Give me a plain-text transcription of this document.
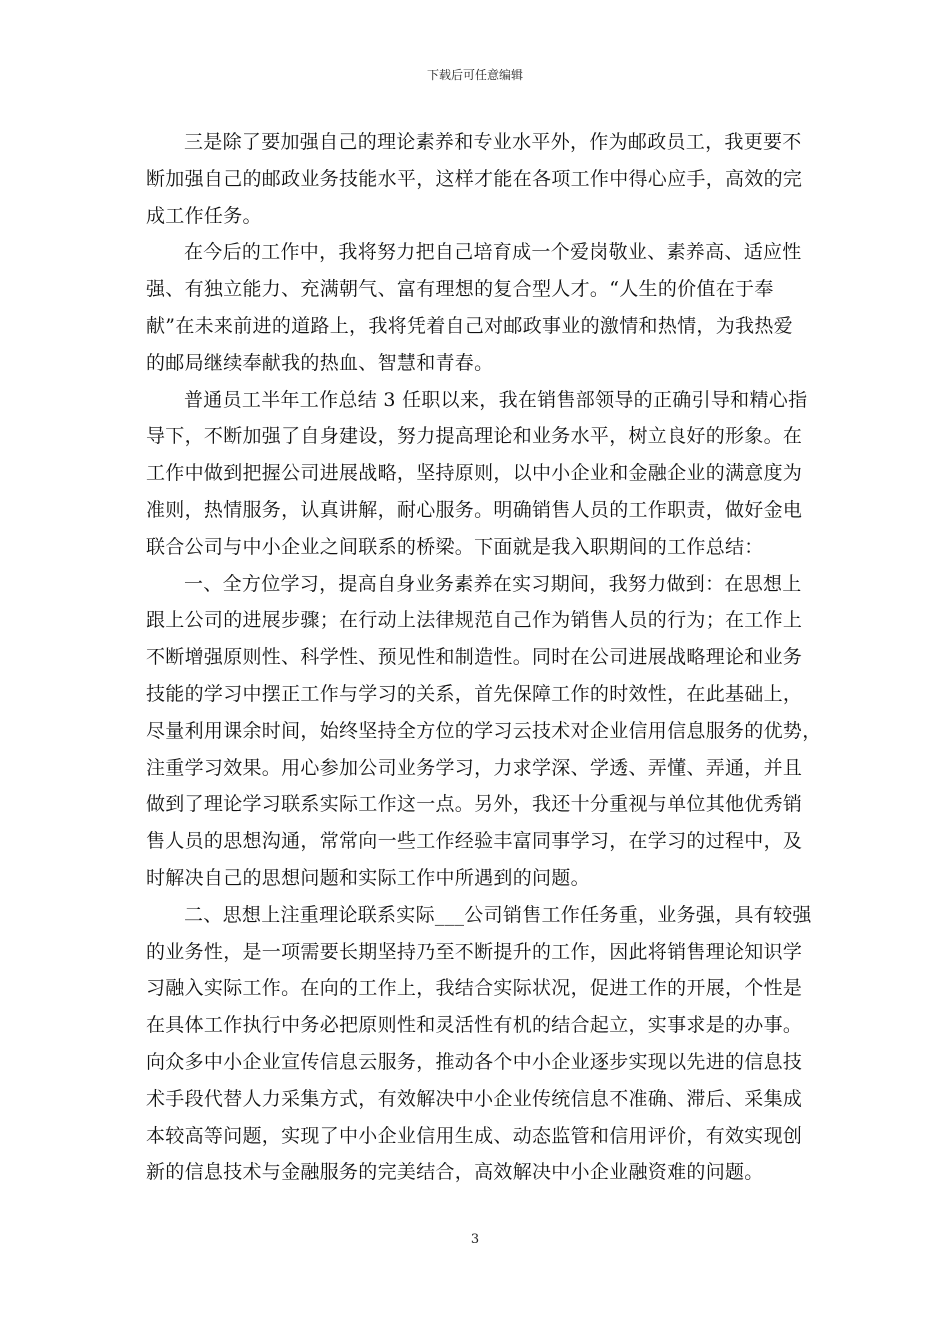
下载后可任意编辑
三是除了要加强自己的理论素养和专业水平外，作为邮政员工，我更要不
断加强自己的邮政业务技能水平，这样才能在各项工作中得心应手，高效的完
成工作任务。
在今后的工作中，我将努力把自己培育成一个爱岗敬业、素养高、适应性
强、有独立能力、充满朝气、富有理想的复合型人才。“人生的价值在于奉
献”在未来前进的道路上，我将凭着自己对邮政事业的激情和热情，为我热爱
的邮局继续奉献我的热血、智慧和青春。
普通员工半年工作总结 3 任职以来，我在销售部领导的正确引导和精心指
导下，不断加强了自身建设，努力提高理论和业务水平，树立良好的形象。在
工作中做到把握公司进展战略，坚持原则，以中小企业和金融企业的满意度为
准则，热情服务，认真讲解，耐心服务。明确销售人员的工作职责，做好金电
联合公司与中小企业之间联系的桥梁。下面就是我入职期间的工作总结：
一、全方位学习，提高自身业务素养在实习期间，我努力做到：在思想上
跟上公司的进展步骤；在行动上法律规范自己作为销售人员的行为；在工作上
不断增强原则性、科学性、预见性和制造性。同时在公司进展战略理论和业务
技能的学习中摆正工作与学习的关系，首先保障工作的时效性，在此基础上，
尽量利用课余时间，始终坚持全方位的学习云技术对企业信用信息服务的优势，
注重学习效果。用心参加公司业务学习，力求学深、学透、弄懂、弄通，并且
做到了理论学习联系实际工作这一点。另外，我还十分重视与单位其他优秀销
售人员的思想沟通，常常向一些工作经验丰富同事学习，在学习的过程中，及
时解决自己的思想问题和实际工作中所遇到的问题。
二、思想上注重理论联系实际___公司销售工作任务重，业务强，具有较强
的业务性，是一项需要长期坚持乃至不断提升的工作，因此将销售理论知识学
习融入实际工作。在向的工作上，我结合实际状况，促进工作的开展，个性是
在具体工作执行中务必把原则性和灵活性有机的结合起立，实事求是的办事。
向众多中小企业宣传信息云服务，推动各个中小企业逐步实现以先进的信息技
术手段代替人力采集方式，有效解决中小企业传统信息不准确、滞后、采集成
本较高等问题，实现了中小企业信用生成、动态监管和信用评价，有效实现创
新的信息技术与金融服务的完美结合，高效解决中小企业融资难的问题。
3
